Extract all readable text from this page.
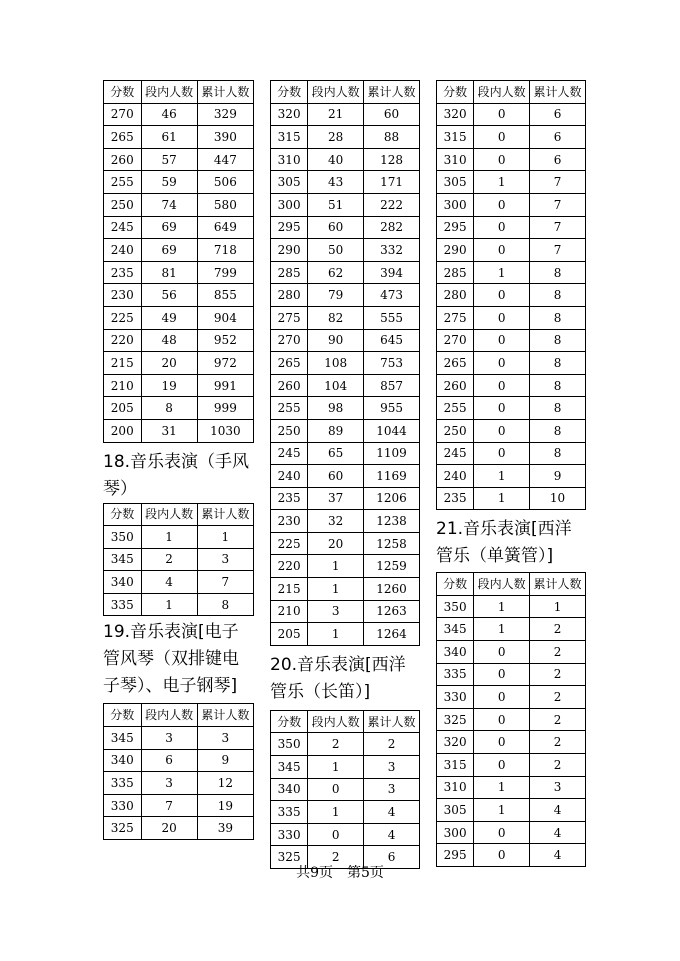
分数	段内人数	累计人数
270	46	329
265	61	390
260	57	447
255	59	506
250	74	580
245	69	649
240	69	718
235	81	799
230	56	855
225	49	904
220	48	952
215	20	972
210	19	991
205	8	999
200	31	1030
18.音乐表演（手风琴）
分数	段内人数	累计人数
350	1	1
345	2	3
340	4	7
335	1	8
19.音乐表演[电子管风琴（双排键电子琴）、电子钢琴]
分数	段内人数	累计人数
345	3	3
340	6	9
335	3	12
330	7	19
325	20	39
分数	段内人数	累计人数
320	21	60
315	28	88
310	40	128
305	43	171
300	51	222
295	60	282
290	50	332
285	62	394
280	79	473
275	82	555
270	90	645
265	108	753
260	104	857
255	98	955
250	89	1044
245	65	1109
240	60	1169
235	37	1206
230	32	1238
225	20	1258
220	1	1259
215	1	1260
210	3	1263
205	1	1264
20.音乐表演[西洋管乐（长笛）]
分数	段内人数	累计人数
350	2	2
345	1	3
340	0	3
335	1	4
330	0	4
325	2	6
分数	段内人数	累计人数
320	0	6
315	0	6
310	0	6
305	1	7
300	0	7
295	0	7
290	0	7
285	1	8
280	0	8
275	0	8
270	0	8
265	0	8
260	0	8
255	0	8
250	0	8
245	0	8
240	1	9
235	1	10
21.音乐表演[西洋管乐（单簧管）]
分数	段内人数	累计人数
350	1	1
345	1	2
340	0	2
335	0	2
330	0	2
325	0	2
320	0	2
315	0	2
310	1	3
305	1	4
300	0	4
295	0	4
共9页　第5页
